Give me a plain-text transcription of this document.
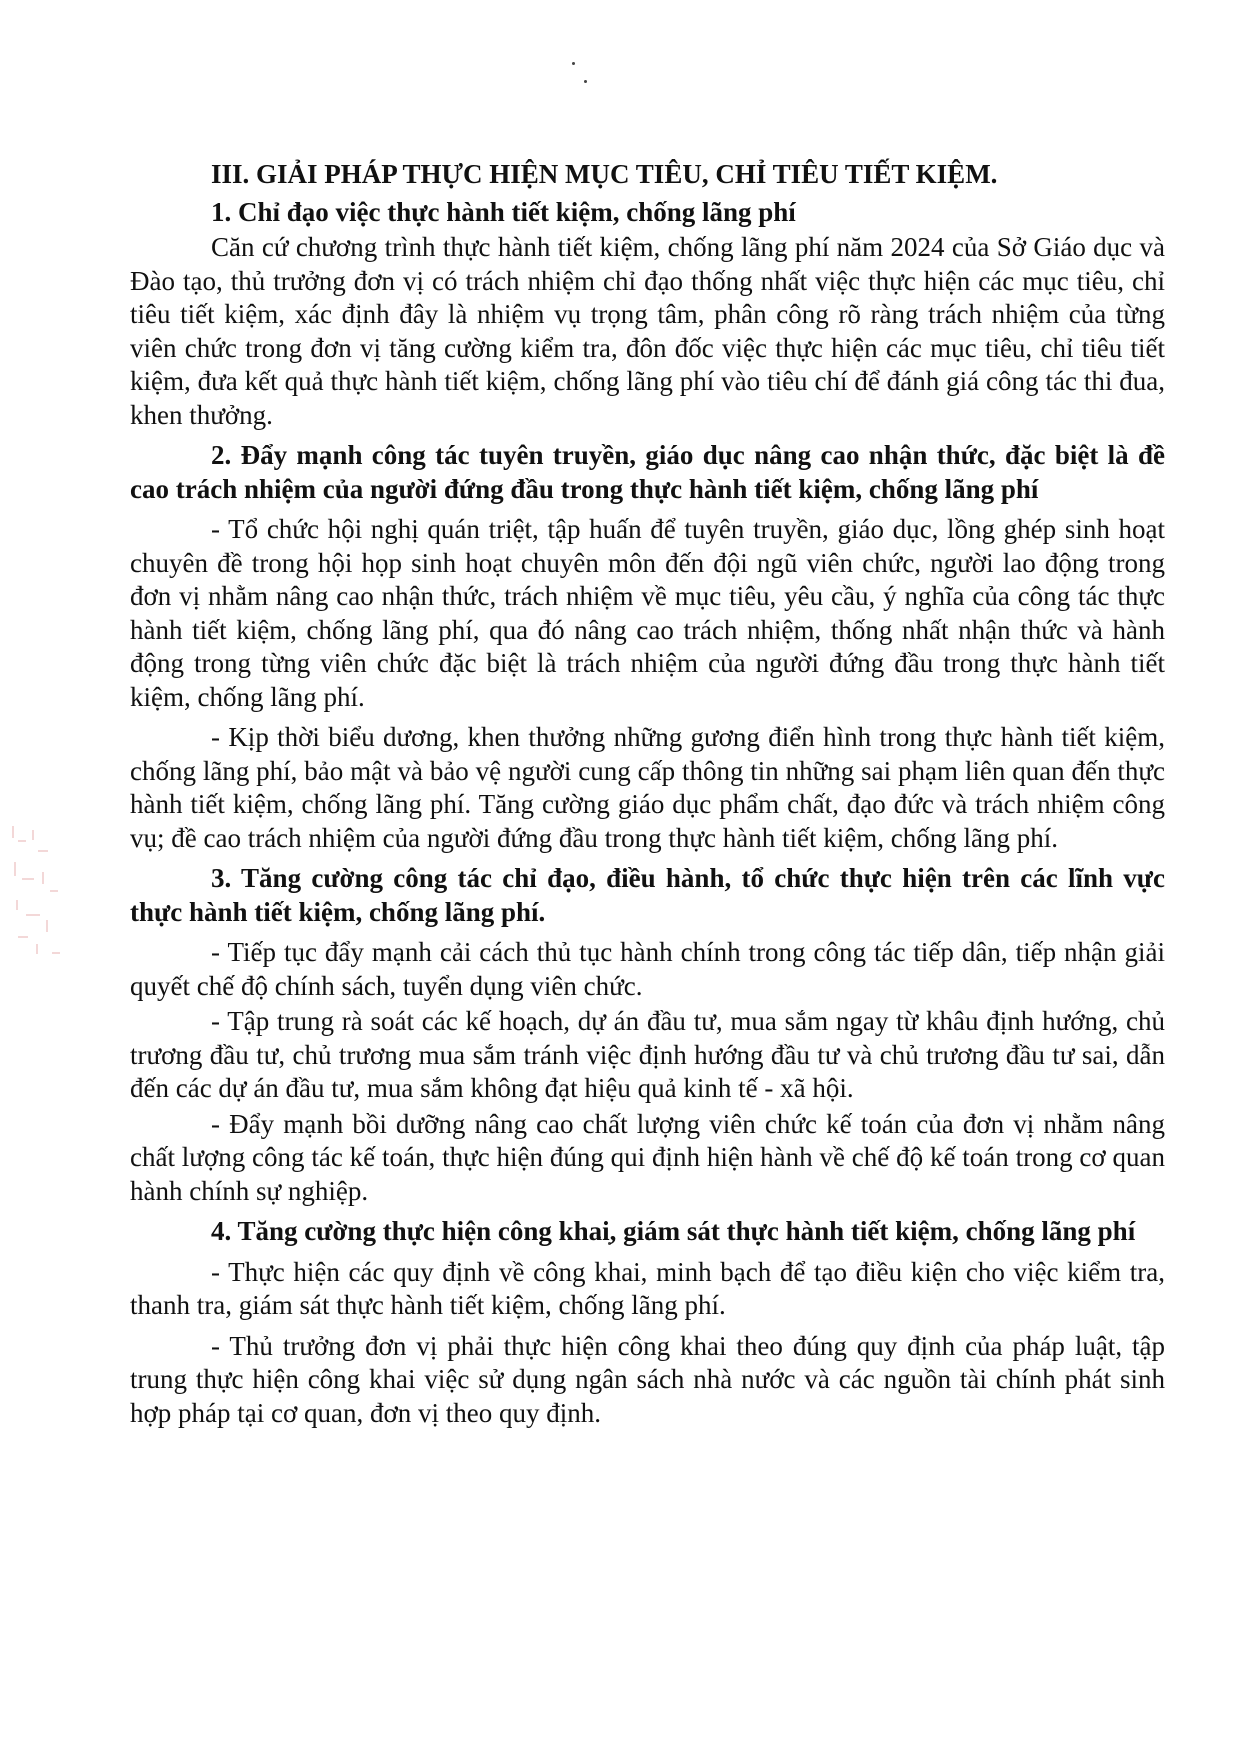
III. GIẢI PHÁP THỰC HIỆN MỤC TIÊU, CHỈ TIÊU TIẾT KIỆM.
1. Chỉ đạo việc thực hành tiết kiệm, chống lãng phí

Căn cứ chương trình thực hành tiết kiệm, chống lãng phí năm 2024 của Sở Giáo dục và Đào tạo, thủ trưởng đơn vị có trách nhiệm chỉ đạo thống nhất việc thực hiện các mục tiêu, chỉ tiêu tiết kiệm, xác định đây là nhiệm vụ trọng tâm, phân công rõ ràng trách nhiệm của từng viên chức trong đơn vị tăng cường kiểm tra, đôn đốc việc thực hiện các mục tiêu, chỉ tiêu tiết kiệm, đưa kết quả thực hành tiết kiệm, chống lãng phí vào tiêu chí để đánh giá công tác thi đua, khen thưởng.

2. Đẩy mạnh công tác tuyên truyền, giáo dục nâng cao nhận thức, đặc biệt là đề cao trách nhiệm của người đứng đầu trong thực hành tiết kiệm, chống lãng phí

- Tổ chức hội nghị quán triệt, tập huấn để tuyên truyền, giáo dục, lồng ghép sinh hoạt chuyên đề trong hội họp sinh hoạt chuyên môn đến đội ngũ viên chức, người lao động trong đơn vị nhằm nâng cao nhận thức, trách nhiệm về mục tiêu, yêu cầu, ý nghĩa của công tác thực hành tiết kiệm, chống lãng phí, qua đó nâng cao trách nhiệm, thống nhất nhận thức và hành động trong từng viên chức đặc biệt là trách nhiệm của người đứng đầu trong thực hành tiết kiệm, chống lãng phí.

- Kịp thời biểu dương, khen thưởng những gương điển hình trong thực hành tiết kiệm, chống lãng phí, bảo mật và bảo vệ người cung cấp thông tin những sai phạm liên quan đến thực hành tiết kiệm, chống lãng phí. Tăng cường giáo dục phẩm chất, đạo đức và trách nhiệm công vụ; đề cao trách nhiệm của người đứng đầu trong thực hành tiết kiệm, chống lãng phí.

3. Tăng cường công tác chỉ đạo, điều hành, tổ chức thực hiện trên các lĩnh vực thực hành tiết kiệm, chống lãng phí.

- Tiếp tục đẩy mạnh cải cách thủ tục hành chính trong công tác tiếp dân, tiếp nhận giải quyết chế độ chính sách, tuyển dụng viên chức.

- Tập trung rà soát các kế hoạch, dự án đầu tư, mua sắm ngay từ khâu định hướng, chủ trương đầu tư, chủ trương mua sắm tránh việc định hướng đầu tư và chủ trương đầu tư sai, dẫn đến các dự án đầu tư, mua sắm không đạt hiệu quả kinh tế - xã hội.

- Đẩy mạnh bồi dưỡng nâng cao chất lượng viên chức kế toán của đơn vị nhằm nâng chất lượng công tác kế toán, thực hiện đúng qui định hiện hành về chế độ kế toán trong cơ quan hành chính sự nghiệp.

4. Tăng cường thực hiện công khai, giám sát thực hành tiết kiệm, chống lãng phí

- Thực hiện các quy định về công khai, minh bạch để tạo điều kiện cho việc kiểm tra, thanh tra, giám sát thực hành tiết kiệm, chống lãng phí.

- Thủ trưởng đơn vị phải thực hiện công khai theo đúng quy định của pháp luật, tập trung thực hiện công khai việc sử dụng ngân sách nhà nước và các nguồn tài chính phát sinh hợp pháp tại cơ quan, đơn vị theo quy định.
